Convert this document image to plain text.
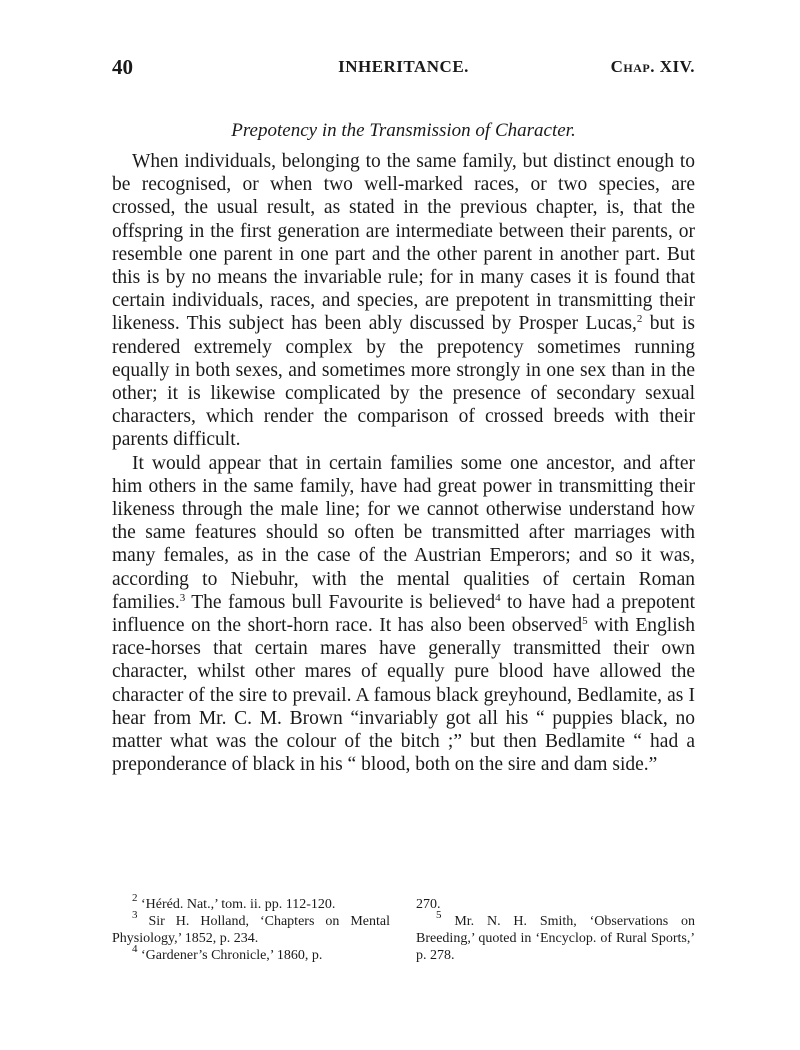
40	INHERITANCE.	Chap. XIV.
Prepotency in the Transmission of Character.

When individuals, belonging to the same family, but distinct enough to be recognised, or when two well-marked races, or two species, are crossed, the usual result, as stated in the previous chapter, is, that the offspring in the first generation are intermediate between their parents, or resemble one parent in one part and the other parent in another part. But this is by no means the invariable rule; for in many cases it is found that certain individuals, races, and species, are prepotent in transmitting their likeness. This subject has been ably discussed by Prosper Lucas,$^2$ but is rendered extremely complex by the prepotency sometimes running equally in both sexes, and sometimes more strongly in one sex than in the other; it is likewise complicated by the presence of secondary sexual characters, which render the comparison of crossed breeds with their parents difficult.

It would appear that in certain families some one ancestor, and after him others in the same family, have had great power in transmitting their likeness through the male line; for we cannot otherwise understand how the same features should so often be transmitted after marriages with many females, as in the case of the Austrian Emperors; and so it was, according to Niebuhr, with the mental qualities of certain Roman families.$^3$ The famous bull Favourite is believed$^4$ to have had a prepotent influence on the short-horn race. It has also been observed$^5$ with English race-horses that certain mares have generally transmitted their own character, whilst other mares of equally pure blood have allowed the character of the sire to prevail. A famous black greyhound, Bedlamite, as I hear from Mr. C. M. Brown “invariably got all his “ puppies black, no matter what was the colour of the bitch ;” but then Bedlamite “ had a preponderance of black in his “ blood, both on the sire and dam side.”

$^2$ ‘Héréd. Nat.,’ tom. ii. pp. 112-120.
$^3$ Sir H. Holland, ‘Chapters on Mental Physiology,’ 1852, p. 234.
$^4$ ‘Gardener’s Chronicle,’ 1860, p.
270.
$^5$ Mr. N. H. Smith, ‘Observations on Breeding,’ quoted in ‘Encyclop. of Rural Sports,’ p. 278.
